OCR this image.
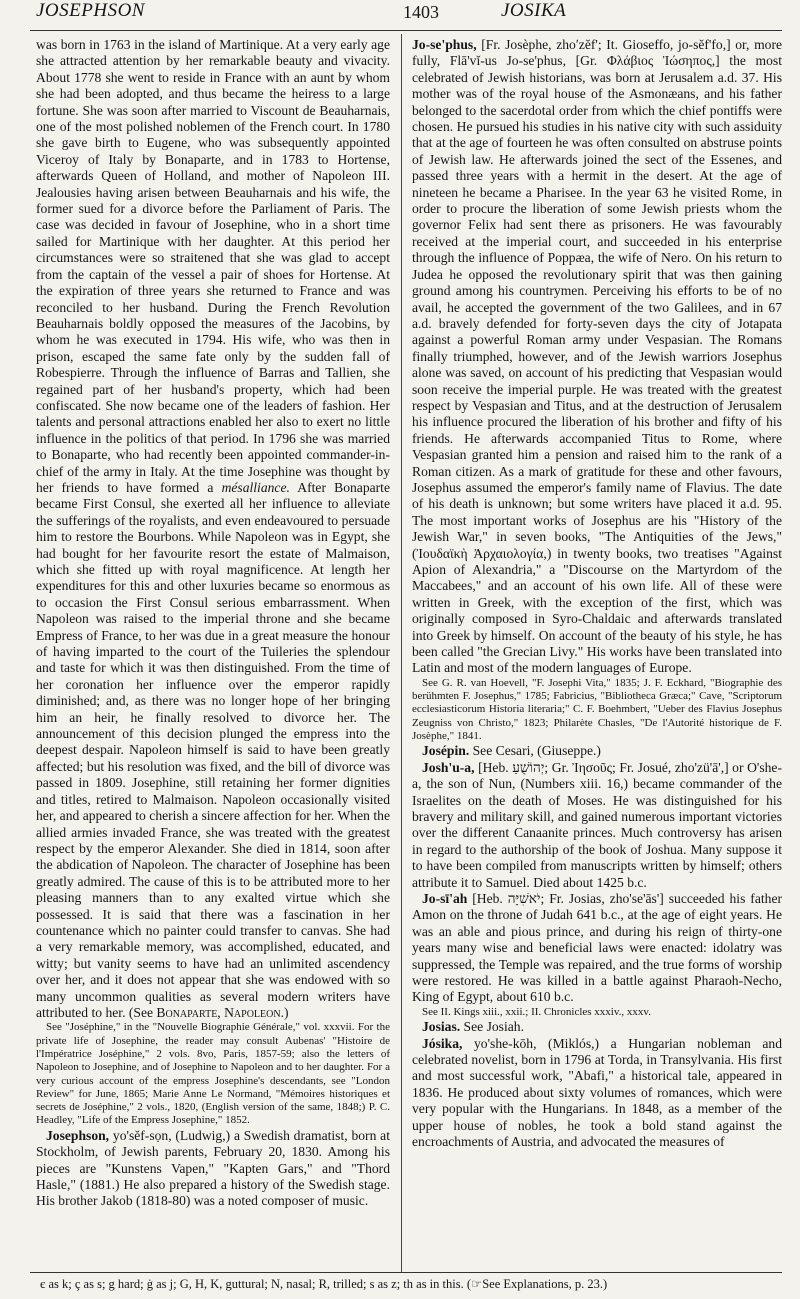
JOSEPHSON	1403	JOSIKA

was born in 1763 in the island of Martinique. At a very early age she attracted attention by her remarkable beauty and vivacity. About 1778 she went to reside in France with an aunt by whom she had been adopted, and thus became the heiress to a large fortune. She was soon after married to Viscount de Beauharnais, one of the most polished noblemen of the French court. In 1780 she gave birth to Eugene, who was subsequently appointed Viceroy of Italy by Bonaparte, and in 1783 to Hortense, afterwards Queen of Holland, and mother of Napoleon III. Jealousies having arisen between Beauharnais and his wife, the former sued for a divorce before the Parliament of Paris. The case was decided in favour of Josephine, who in a short time sailed for Martinique with her daughter. At this period her circumstances were so straitened that she was glad to accept from the captain of the vessel a pair of shoes for Hortense. At the expiration of three years she returned to France and was reconciled to her husband. During the French Revolution Beauharnais boldly opposed the measures of the Jacobins, by whom he was executed in 1794. His wife, who was then in prison, escaped the same fate only by the sudden fall of Robespierre. Through the influence of Barras and Tallien, she regained part of her husband's property, which had been confiscated. She now became one of the leaders of fashion. Her talents and personal attractions enabled her also to exert no little influence in the politics of that period. In 1796 she was married to Bonaparte, who had recently been appointed commander-in-chief of the army in Italy. At the time Josephine was thought by her friends to have formed a mésalliance. After Bonaparte became First Consul, she exerted all her influence to alleviate the sufferings of the royalists, and even endeavoured to persuade him to restore the Bourbons. While Napoleon was in Egypt, she had bought for her favourite resort the estate of Malmaison, which she fitted up with royal magnificence. At length her expenditures for this and other luxuries became so enormous as to occasion the First Consul serious embarrassment. When Napoleon was raised to the imperial throne and she became Empress of France, to her was due in a great measure the honour of having imparted to the court of the Tuileries the splendour and taste for which it was then distinguished. From the time of her coronation her influence over the emperor rapidly diminished; and, as there was no longer hope of her bringing him an heir, he finally resolved to divorce her. The announcement of this decision plunged the empress into the deepest despair. Napoleon himself is said to have been greatly affected; but his resolution was fixed, and the bill of divorce was passed in 1809. Josephine, still retaining her former dignities and titles, retired to Malmaison. Napoleon occasionally visited her, and appeared to cherish a sincere affection for her. When the allied armies invaded France, she was treated with the greatest respect by the emperor Alexander. She died in 1814, soon after the abdication of Napoleon. The character of Josephine has been greatly admired. The cause of this is to be attributed more to her pleasing manners than to any exalted virtue which she possessed. It is said that there was a fascination in her countenance which no painter could transfer to canvas. She had a very remarkable memory, was accomplished, educated, and witty; but vanity seems to have had an unlimited ascendency over her, and it does not appear that she was endowed with so many uncommon qualities as several modern writers have attributed to her. (See Bonaparte, Napoleon.)

See "Joséphine," in the "Nouvelle Biographie Générale," vol. xxxvii. For the private life of Josephine, the reader may consult Aubenas' "Histoire de l'Impératrice Joséphine," 2 vols. 8vo, Paris, 1857-59; also the letters of Napoleon to Josephine, and of Josephine to Napoleon and to her daughter. For a very curious account of the empress Josephine's descendants, see "London Review" for June, 1865; Marie Anne Le Normand, "Mémoires historiques et secrets de Joséphine," 2 vols., 1820, (English version of the same, 1848;) P. C. Headley, "Life of the Empress Josephine," 1852.

Josephson, yo'sĕf-sọn, (Ludwig,) a Swedish dramatist, born at Stockholm, of Jewish parents, February 20, 1830. Among his pieces are "Kunstens Vapen," "Kapten Gars," and "Thord Hasle," (1881.) He also prepared a history of the Swedish stage. His brother Jakob (1818-80) was a noted composer of music.

Jo-se'phus, [Fr. Josèphe, zhoʹzĕf'; It. Gioseffo, jo-sĕf'fo,] or, more fully, Flā'vĭ-us Jo-se'phus, [Gr. Φλάβιος Ἰώσηπος,] the most celebrated of Jewish historians, was born at Jerusalem a.d. 37. His mother was of the royal house of the Asmonæans, and his father belonged to the sacerdotal order from which the chief pontiffs were chosen. He pursued his studies in his native city with such assiduity that at the age of fourteen he was often consulted on abstruse points of Jewish law. He afterwards joined the sect of the Essenes, and passed three years with a hermit in the desert. At the age of nineteen he became a Pharisee. In the year 63 he visited Rome, in order to procure the liberation of some Jewish priests whom the governor Felix had sent there as prisoners. He was favourably received at the imperial court, and succeeded in his enterprise through the influence of Poppæa, the wife of Nero. On his return to Judea he opposed the revolutionary spirit that was then gaining ground among his countrymen. Perceiving his efforts to be of no avail, he accepted the government of the two Galilees, and in 67 a.d. bravely defended for forty-seven days the city of Jotapata against a powerful Roman army under Vespasian. The Romans finally triumphed, however, and of the Jewish warriors Josephus alone was saved, on account of his predicting that Vespasian would soon receive the imperial purple. He was treated with the greatest respect by Vespasian and Titus, and at the destruction of Jerusalem his influence procured the liberation of his brother and fifty of his friends. He afterwards accompanied Titus to Rome, where Vespasian granted him a pension and raised him to the rank of a Roman citizen. As a mark of gratitude for these and other favours, Josephus assumed the emperor's family name of Flavius. The date of his death is unknown; but some writers have placed it a.d. 95. The most important works of Josephus are his "History of the Jewish War," in seven books, "The Antiquities of the Jews," (Ἰουδαϊκὴ Ἀρχαιολογία,) in twenty books, two treatises "Against Apion of Alexandria," a "Discourse on the Martyrdom of the Maccabees," and an account of his own life. All of these were written in Greek, with the exception of the first, which was originally composed in Syro-Chaldaic and afterwards translated into Greek by himself. On account of the beauty of his style, he has been called "the Grecian Livy." His works have been translated into Latin and most of the modern languages of Europe.

See G. R. van Hoevell, "F. Josephi Vita," 1835; J. F. Eckhard, "Biographie des berühmten F. Josephus," 1785; Fabricius, "Bibliotheca Græca;" Cave, "Scriptorum ecclesiasticorum Historia literaria;" C. F. Boehmbert, "Ueber des Flavius Josephus Zeugniss von Christo," 1823; Philarète Chasles, "De l'Autorité historique de F. Josèphe," 1841.

Josépin. See Cesari, (Giuseppe.)

Josh'u-a, [Heb. יְהוֹשֻׁעַ; Gr. Ἰησοῦς; Fr. Josué, zho'zü'ā',] or O'she-a, the son of Nun, (Numbers xiii. 16,) became commander of the Israelites on the death of Moses. He was distinguished for his bravery and military skill, and gained numerous important victories over the different Canaanite princes. Much controversy has arisen in regard to the authorship of the book of Joshua. Many suppose it to have been compiled from manuscripts written by himself; others attribute it to Samuel. Died about 1425 b.c.

Jo-sī'ah [Heb. יֹאשִׁיָּה; Fr. Josias, zho'se'ās'] succeeded his father Amon on the throne of Judah 641 b.c., at the age of eight years. He was an able and pious prince, and during his reign of thirty-one years many wise and beneficial laws were enacted: idolatry was suppressed, the Temple was repaired, and the true forms of worship were restored. He was killed in a battle against Pharaoh-Necho, King of Egypt, about 610 b.c.

See II. Kings xiii., xxii.; II. Chronicles xxxiv., xxxv.

Josias. See Josiah.

Jósika, yo'she-kōh, (Miklós,) a Hungarian nobleman and celebrated novelist, born in 1796 at Torda, in Transylvania. His first and most successful work, "Abafi," a historical tale, appeared in 1836. He produced about sixty volumes of romances, which were very popular with the Hungarians. In 1848, as a member of the upper house of nobles, he took a bold stand against the encroachments of Austria, and advocated the measures of

є as k; ç as s; g hard; ġ as j; G, H, K, guttural; N, nasal; R, trilled; s as z; th as in this. (☞See Explanations, p. 23.)
